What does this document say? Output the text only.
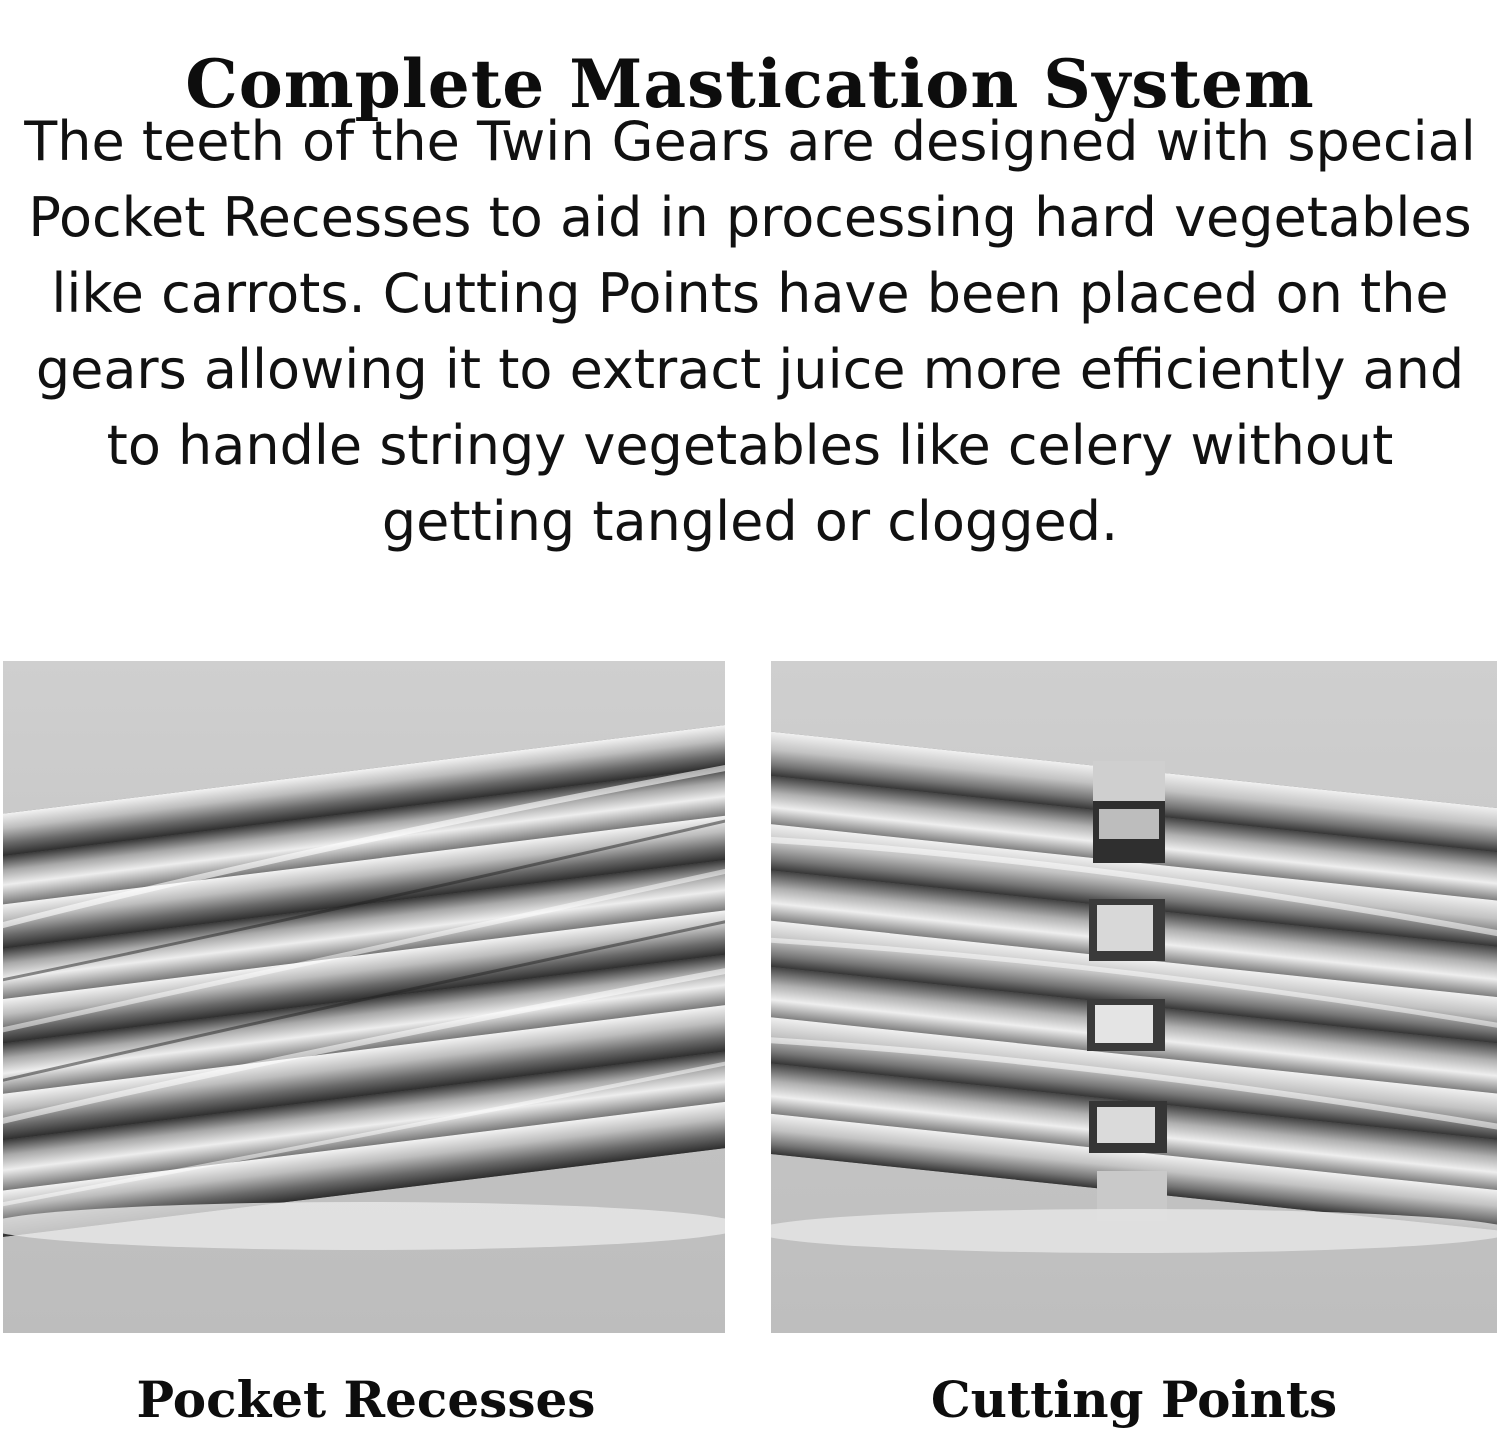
Complete Mastication System
The teeth of the Twin Gears are designed with special
Pocket Recesses to aid in processing hard vegetables
like carrots. Cutting Points have been placed on the
gears allowing it to extract juice more efficiently and
to handle stringy vegetables like celery without
getting tangled or clogged.
Pocket Recesses	Cutting Points
